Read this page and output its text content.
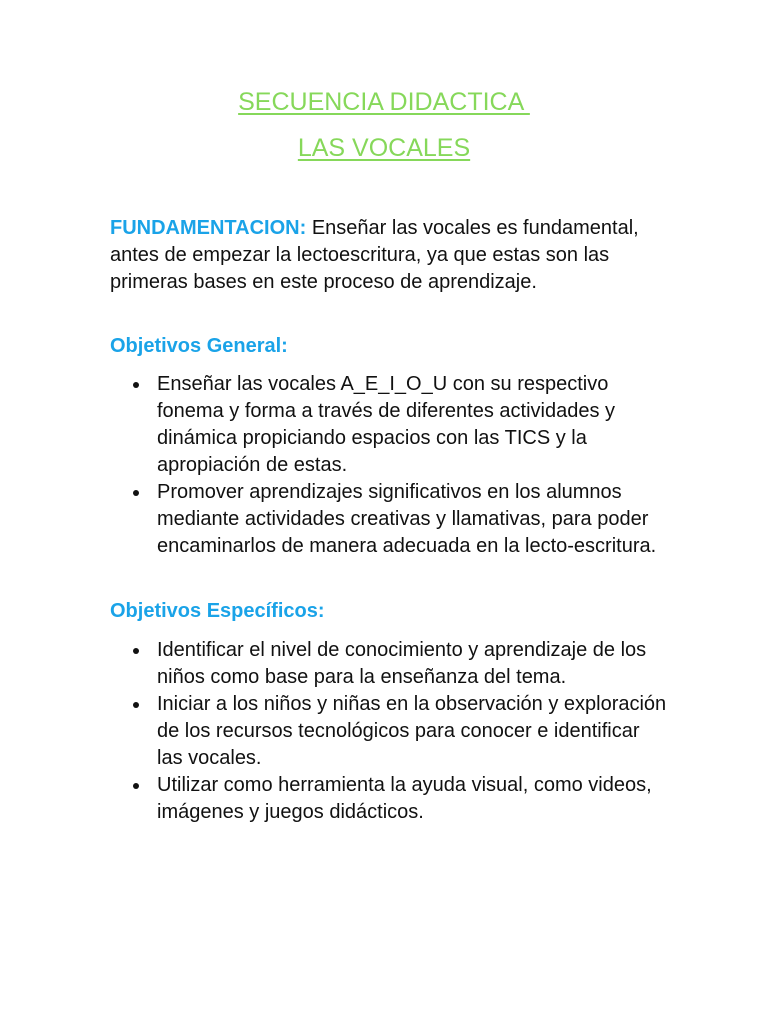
SECUENCIA DIDACTICA
LAS VOCALES
FUNDAMENTACION: Enseñar las vocales es fundamental, antes de empezar la lectoescritura, ya que estas son las primeras bases en este proceso de aprendizaje.
Objetivos General:
Enseñar las vocales A_E_I_O_U con su respectivo fonema y forma a través de diferentes actividades y dinámica propiciando espacios con las TICS y la apropiación de estas.
Promover aprendizajes significativos en los alumnos mediante actividades creativas y llamativas, para poder encaminarlos de manera adecuada en la lecto-escritura.
Objetivos Específicos:
Identificar el nivel de conocimiento y aprendizaje de los niños como base para la enseñanza del tema.
Iniciar a los niños y niñas en la observación y exploración de los recursos tecnológicos para conocer e identificar las vocales.
Utilizar como herramienta la ayuda visual, como videos, imágenes y juegos didácticos.
